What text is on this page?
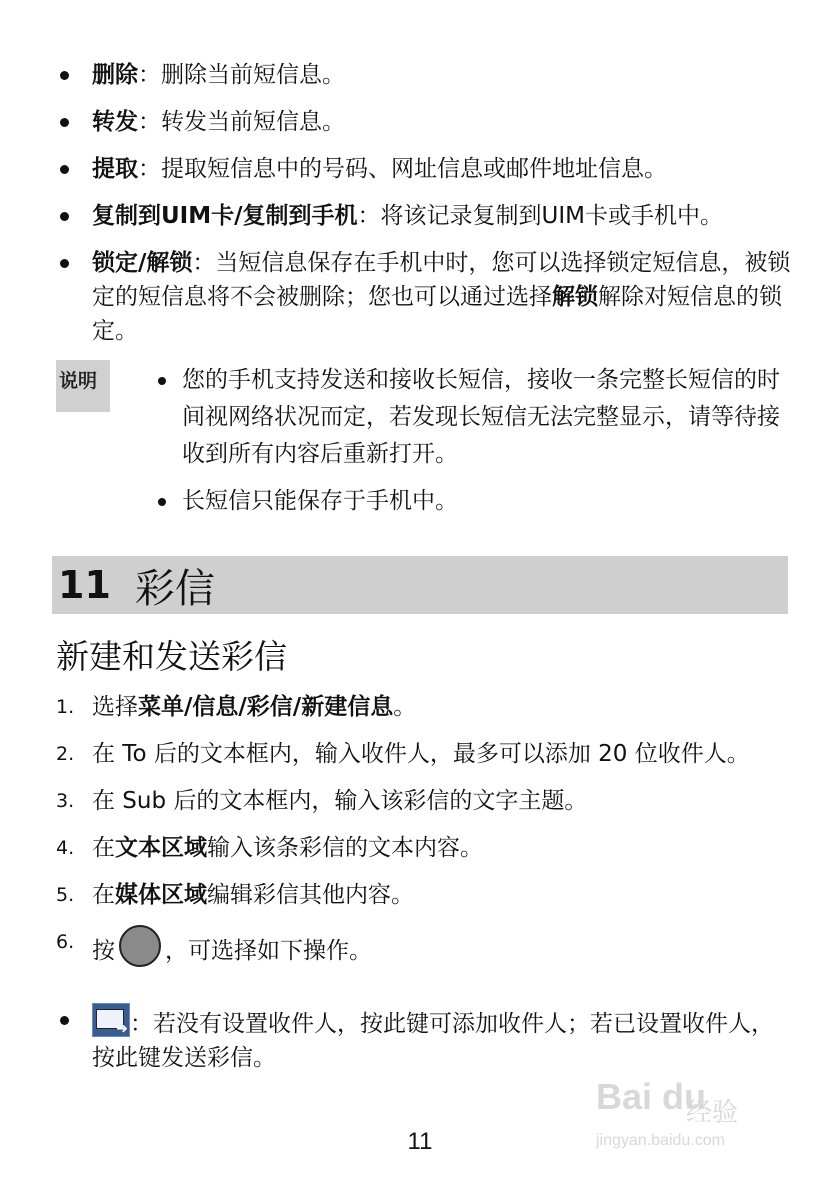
删除：删除当前短信息。
转发：转发当前短信息。
提取：提取短信息中的号码、网址信息或邮件地址信息。
复制到UIM卡/复制到手机：将该记录复制到UIM卡或手机中。
锁定/解锁：当短信息保存在手机中时，您可以选择锁定短信息，被锁定的短信息将不会被删除；您也可以通过选择解锁解除对短信息的锁定。
说明	您的手机支持发送和接收长短信，接收一条完整长短信的时间视网络状况而定，若发现长短信无法完整显示，请等待接收到所有内容后重新打开。
长短信只能保存于手机中。
11 彩信
新建和发送彩信
1. 选择菜单/信息/彩信/新建信息。
2. 在 To 后的文本框内，输入收件人，最多可以添加 20 位收件人。
3. 在 Sub 后的文本框内，输入该彩信的文字主题。
4. 在文本区域输入该条彩信的文本内容。
5. 在媒体区域编辑彩信其他内容。
6. 按 ，可选择如下操作。
➜：若没有设置收件人，按此键可添加收件人；若已设置收件人，按此键发送彩信。
Bai du
经验
jingyan.baidu.com
11
